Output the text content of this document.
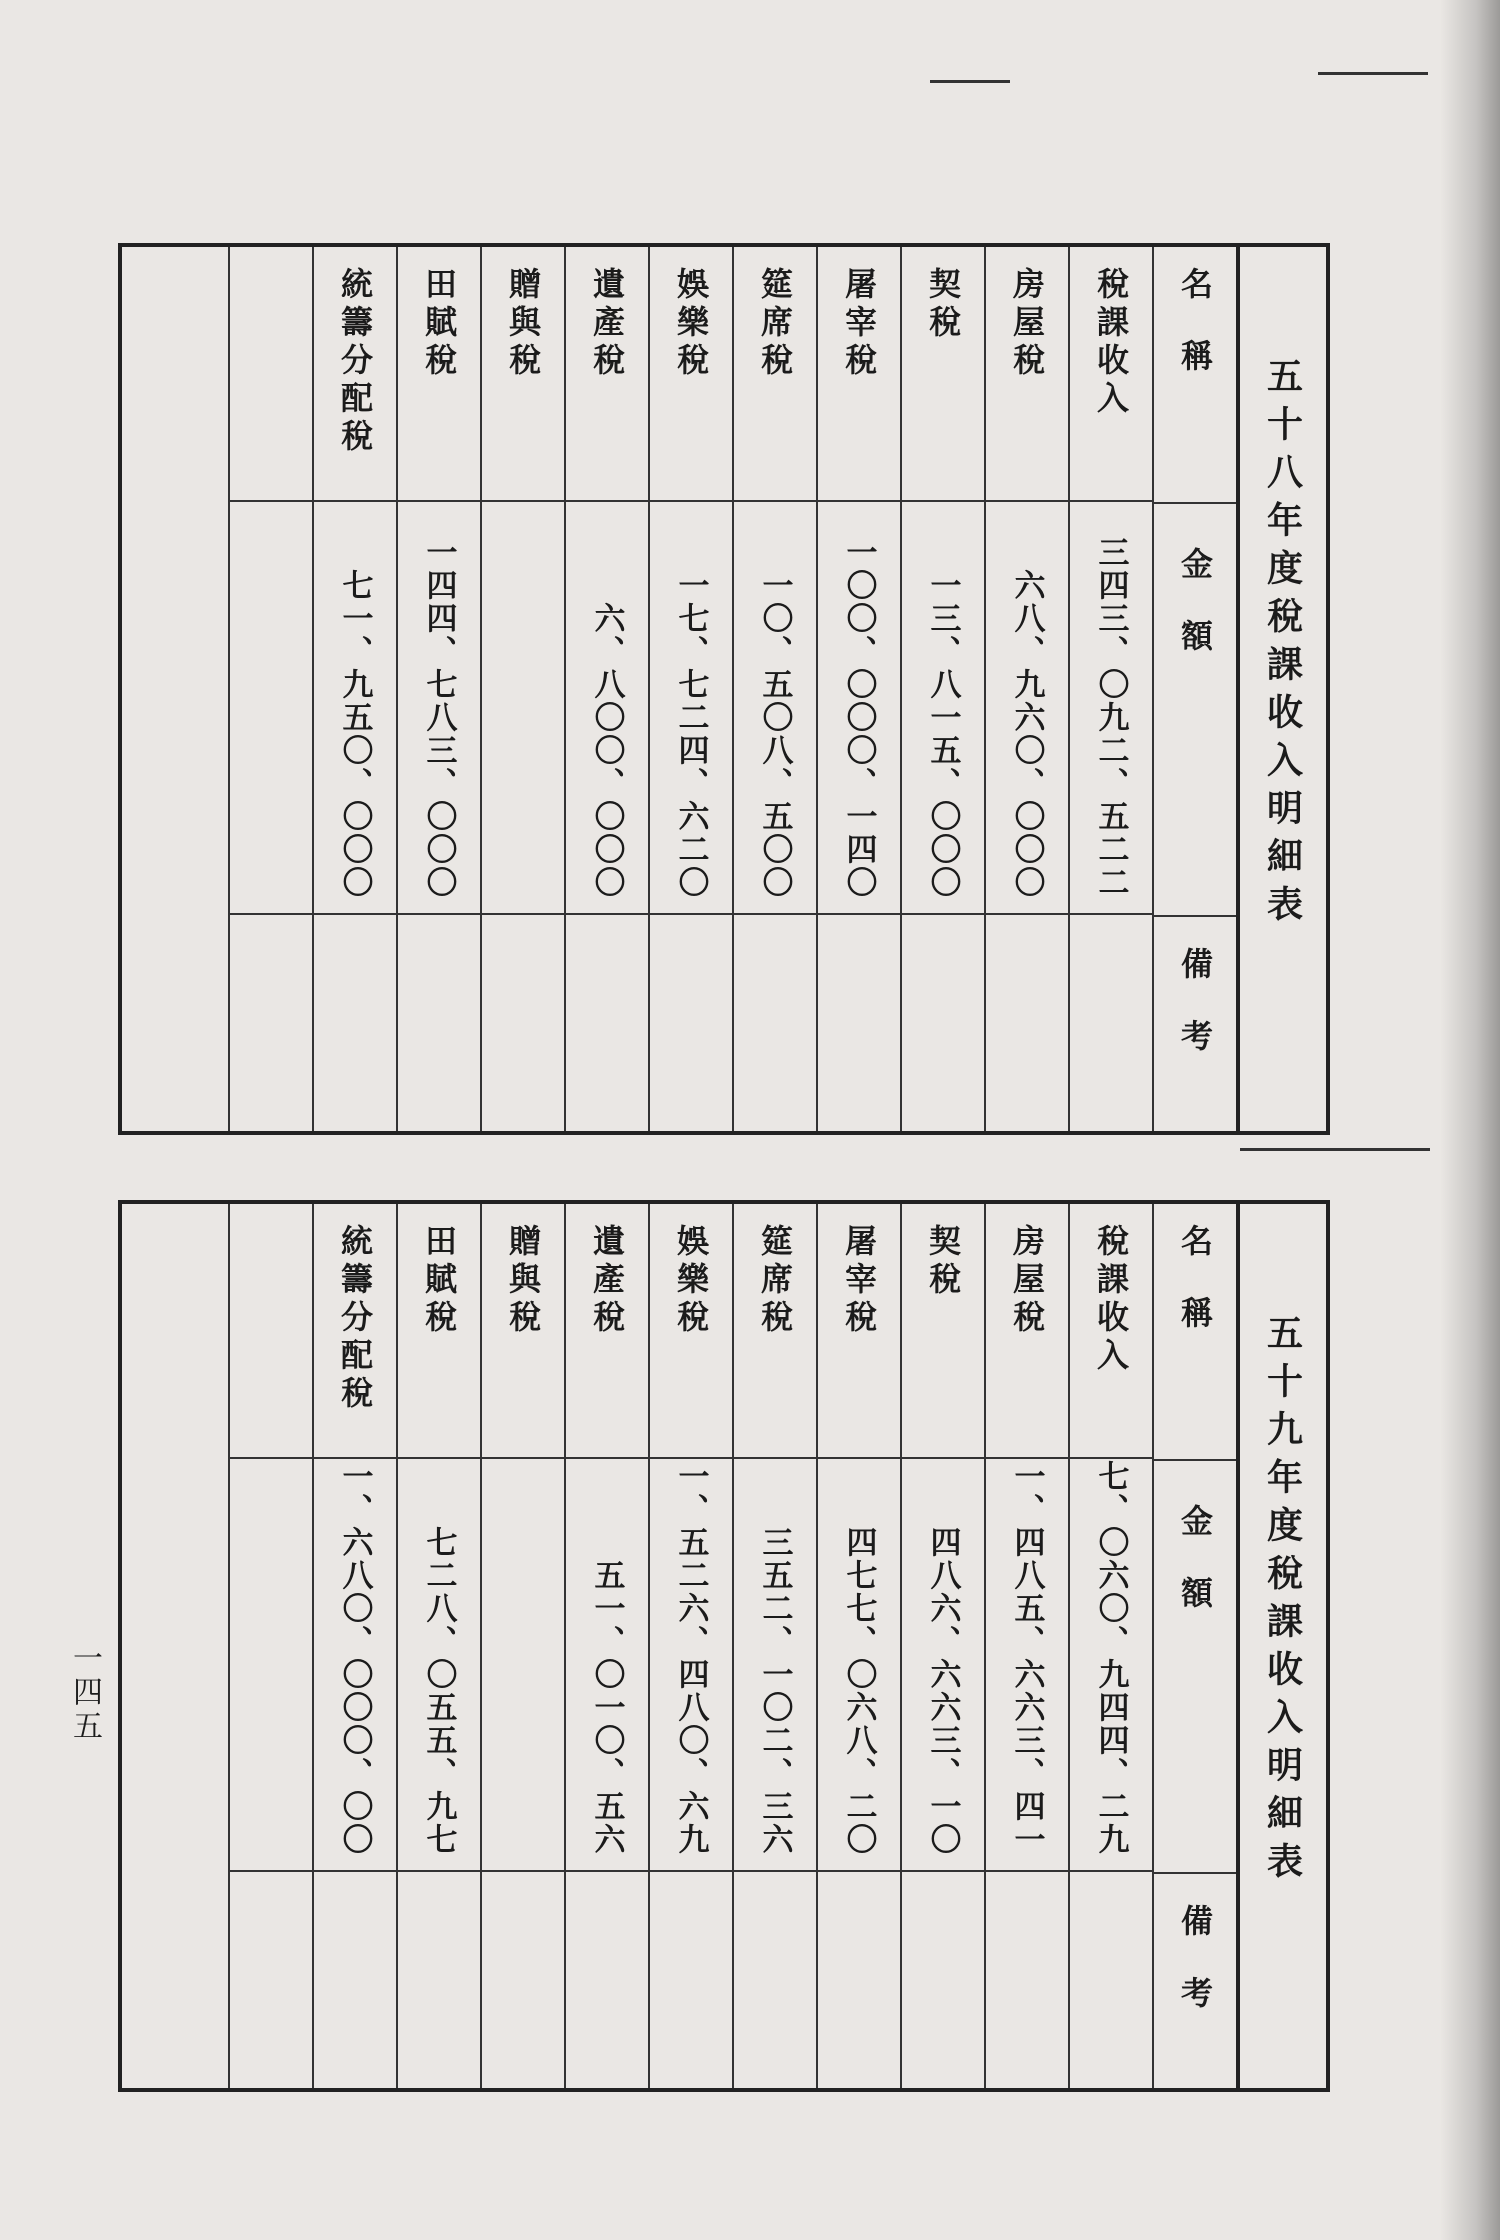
五十八年度稅課收入明細表
名稱
金額
備考
稅課收入
三四三、〇九二、五二二
房屋稅
六八、九六〇、〇〇〇
契稅
一三、八一五、〇〇〇
屠宰稅
一〇〇、〇〇〇、一四〇
筵席稅
一〇、五〇八、五〇〇
娛樂稅
一七、七二四、六二〇
遺產稅
六、八〇〇、〇〇〇
贈與稅
田賦稅
一四四、七八三、〇〇〇
統籌分配稅
七一、九五〇、〇〇〇
五十九年度稅課收入明細表
名稱
金額
備考
稅課收入
七、〇六〇、九四四、二九
房屋稅
一、四八五、六六三、四一
契稅
四八六、六六三、一〇
屠宰稅
四七七、〇六八、二〇
筵席稅
三五二、一〇二、三六
娛樂稅
一、五二六、四八〇、六九
遺產稅
五一、〇一〇、五六
贈與稅
田賦稅
七二八、〇五五、九七
統籌分配稅
一、六八〇、〇〇〇、〇〇
一四五
